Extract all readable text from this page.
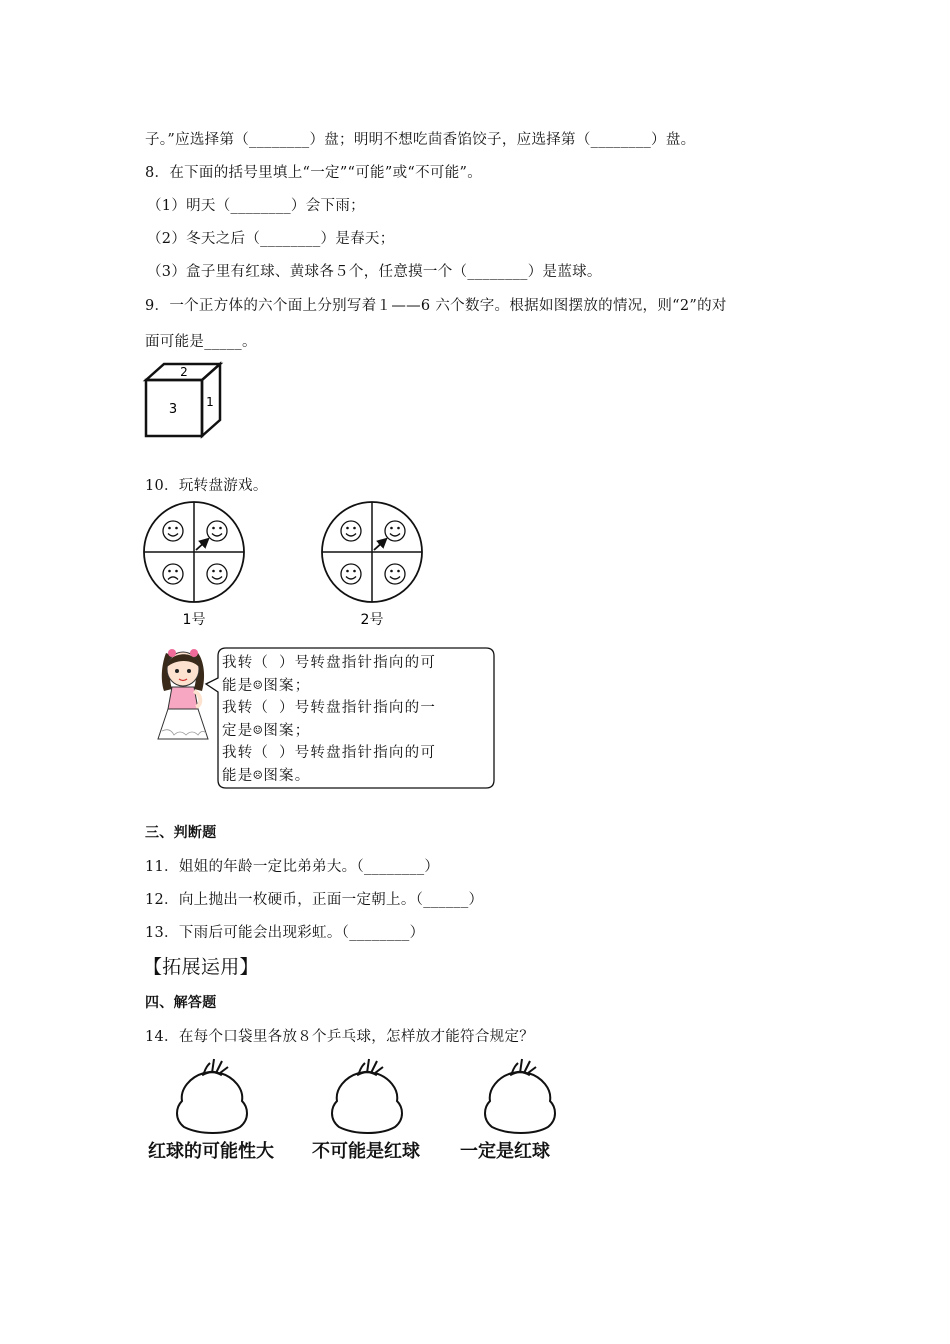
子。”应选择第（________）盘；明明不想吃茴香馅饺子，应选择第（________）盘。
8．在下面的括号里填上“一定”“可能”或“不可能”。
（1）明天（________）会下雨；
（2）冬天之后（________）是春天；
（3）盒子里有红球、黄球各５个，任意摸一个（________）是蓝球。
9．一个正方体的六个面上分别写着１——6 六个数字。根据如图摆放的情况，则“2”的对
面可能是_____。
2
3 1
10．玩转盘游戏。
1号	2号
我转（ ）号转盘指针指向的可
能是☺图案；
我转（ ）号转盘指针指向的一
定是☺图案；
我转（ ）号转盘指针指向的可
能是☹图案。
三、判断题
11．姐姐的年龄一定比弟弟大。（________）
12．向上抛出一枚硬币，正面一定朝上。（______）
13．下雨后可能会出现彩虹。（________）
【拓展运用】
四、解答题
14．在每个口袋里各放８个乒乓球，怎样放才能符合规定？
红球的可能性大 不可能是红球 一定是红球
